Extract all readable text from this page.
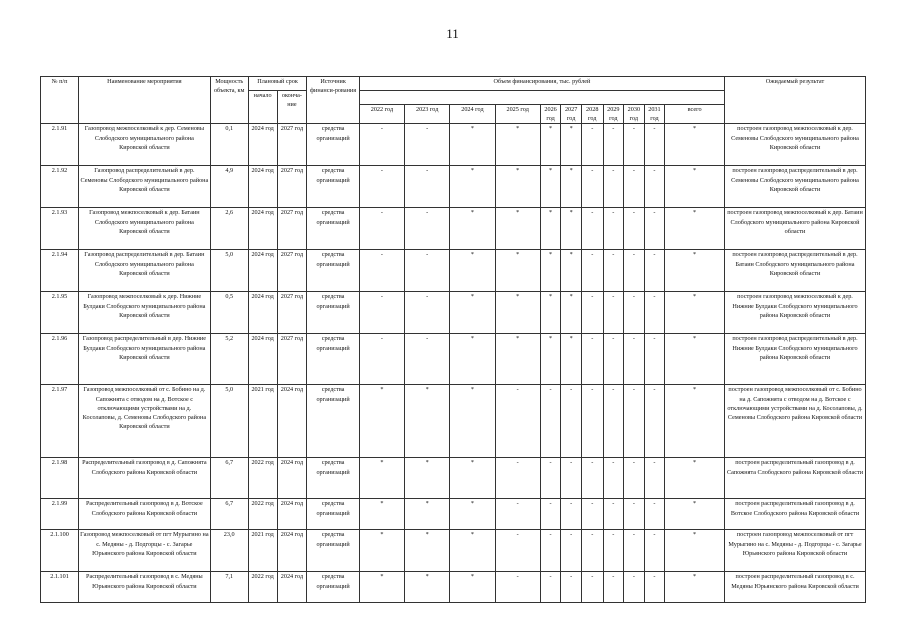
11
№ п/п	Наименование мероприятия	Мощность объекта, км	Плановый срок		Источник финанси-рования	Объем финансирования, тыс. рублей											Ожидаемый результат
			начало	оконча-ние													
						2022 год	2023 год	2024 год	2025 год	2026 год	2027 год	2028 год	2029 год	2030 год	2031 год	всего	
2.1.91	Газопровод межпоселковый к дер. Семеновы Слободского муниципального района Кировской области	0,1	2024 год	2027 год	средства организаций	-	-	*	*	*	*	-	-	-	-	*	построен газопровод межпоселковый к дер. Семеновы Слободского муниципального района Кировской области
2.1.92	Газопровод распределительный в дер. Семеновы Слободского муниципального района Кировской области	4,9	2024 год	2027 год	средства организаций	-	-	*	*	*	*	-	-	-	-	*	построен газопровод распределительный в дер. Семеновы Слободского муниципального района Кировской области
2.1.93	Газопровод межпоселковый к дер. Батаин Слободского муниципального района Кировской области	2,6	2024 год	2027 год	средства организаций	-	-	*	*	*	*	-	-	-	-	*	построен газопровод межпоселковый к дер. Батаин Слободского муниципального района Кировской области
2.1.94	Газопровод распределительный в дер. Батаин Слободского муниципального района Кировской области	5,0	2024 год	2027 год	средства организаций	-	-	*	*	*	*	-	-	-	-	*	построен газопровод распределительный в дер. Батаин Слободского муниципального района Кировской области
2.1.95	Газопровод межпоселковый к дер. Нижние Булдаки Слободского муниципального района Кировской области	0,5	2024 год	2027 год	средства организаций	-	-	*	*	*	*	-	-	-	-	*	построен газопровод межпоселковый к дер. Нижние Булдаки Слободского муниципального района Кировской области
2.1.96	Газопровод распределительный в дер. Нижние Булдаки Слободского муниципального района Кировской области	5,2	2024 год	2027 год	средства организаций	-	-	*	*	*	*	-	-	-	-	*	построен газопровод распределительный в дер. Нижние Булдаки Слободского муниципального района Кировской области
2.1.97	Газопровод межпоселковый от с. Бобино на д. Сапожнята с отводом на д. Вотское с отключающими устройствами на д. Косолаповы, д. Семеновы Слободского района Кировской области	5,0	2021 год	2024 год	средства организаций	*	*	*	-	-	-	-	-	-	-	*	построен газопровод межпоселковый от с. Бобино на д. Сапожнята с отводом на д. Вотское с отключающими устройствами на д. Косолаповы, д. Семеновы Слободского района Кировской области
2.1.98	Распределительный газопровод в д. Сапожнята Слободского района Кировской области	6,7	2022 год	2024 год	средства организаций	*	*	*	-	-	-	-	-	-	-	*	построен распределительный газопровод в д. Сапожнята Слободского района Кировской области
2.1.99	Распределительный газопровод в д. Вотское Слободского района Кировской области	6,7	2022 год	2024 год	средства организаций	*	*	*	-	-	-	-	-	-	-	*	построен распределительный газопровод в д. Вотское Слободского района Кировской области
2.1.100	Газопровод межпоселковый от пгт Мурыгино на с. Медяны - д. Подгорцы - с. Загарье Юрьянского района Кировской области	23,0	2021 год	2024 год	средства организаций	*	*	*	-	-	-	-	-	-	-	*	построен газопровод межпоселковый от пгт Мурыгино на с. Медяны - д. Подгорцы - с. Загарье Юрьянского района Кировской области
2.1.101	Распределительный газопровод в с. Медяны Юрьянского района Кировской области	7,1	2022 год	2024 год	средства организаций	*	*	*	-	-	-	-	-	-	-	*	построен распределительный газопровод в с. Медяны Юрьянского района Кировской области
